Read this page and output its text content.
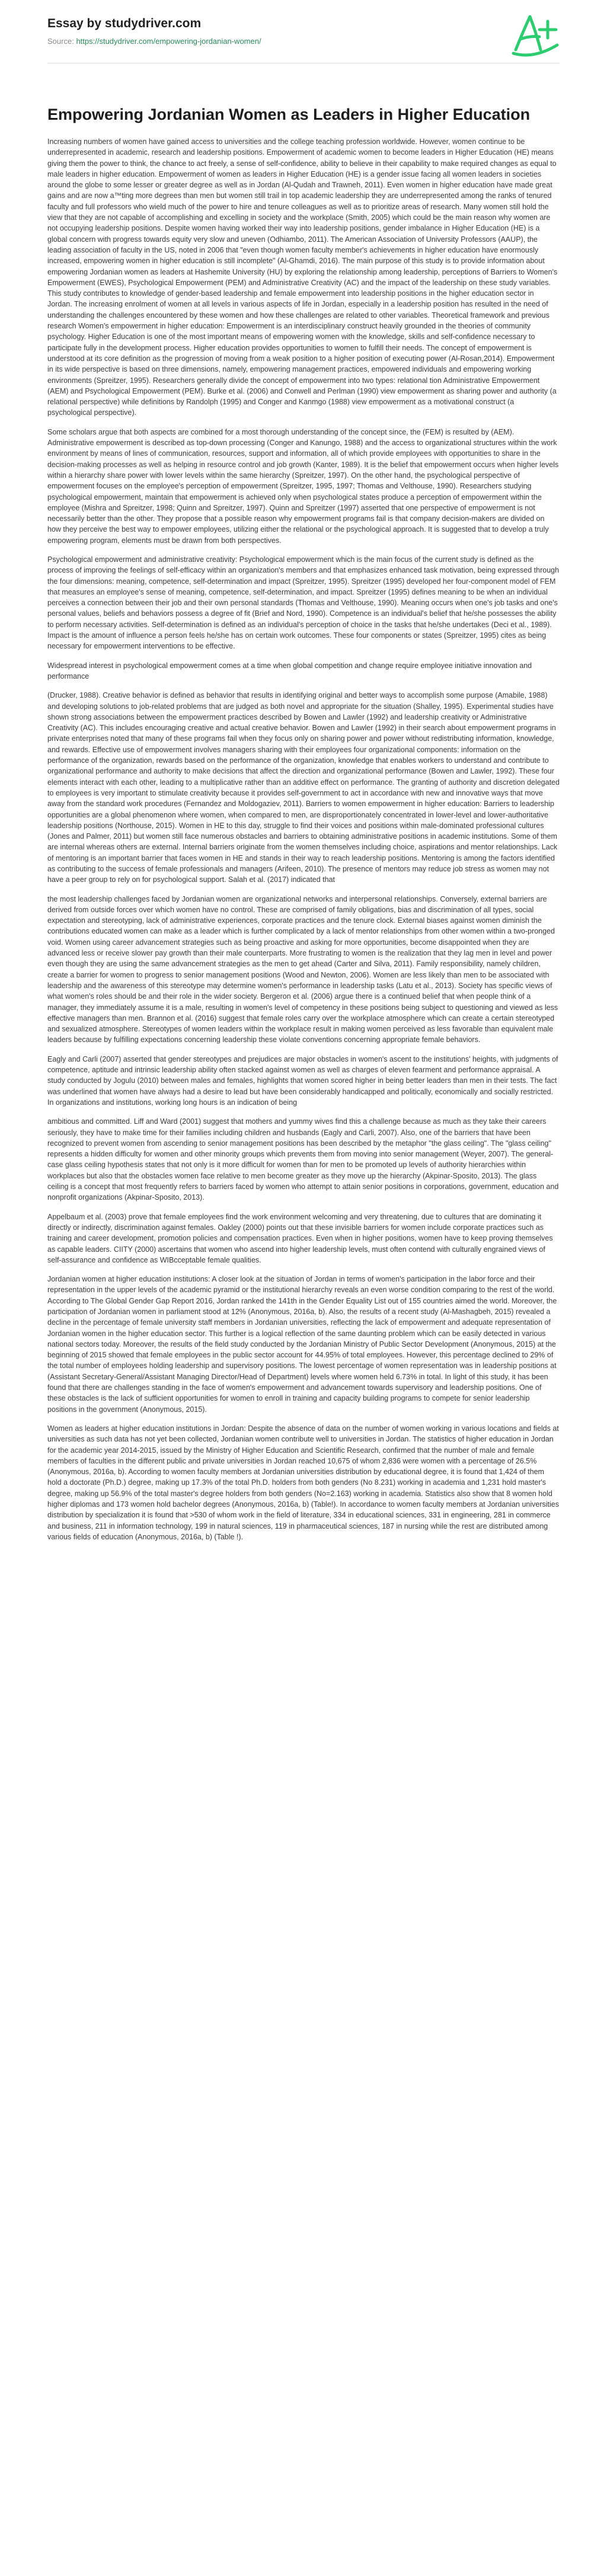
Essay by studydriver.com
Source: https://studydriver.com/empowering-jordanian-women/
Empowering Jordanian Women as Leaders in Higher Education

Increasing numbers of women have gained access to universities and the college teaching profession worldwide. However, women continue to be underrepresented in academic, research and leadership positions. Empowerment of academic women to become leaders in Higher Education (HE) means giving them the power to think, the chance to act freely, a sense of self-confidence, ability to believe in their capability to make required changes as equal to male leaders in higher education. Empowerment of women as leaders in Higher Education (HE) is a gender issue facing all women leaders in societies around the globe to some lesser or greater degree as well as in Jordan (Al-Qudah and Trawneh, 2011). Even women in higher education have made great gains and are now a™ting more degrees than men but women still trail in top academic leadership they are underrepresented among the ranks of tenured faculty and full professors who wield much of the power to hire and tenure colleagues as well as to prioritize areas of research. Many women still hold the view that they are not capable of accomplishing and excelling in society and the workplace (Smith, 2005) which could be the main reason why women are not occupying leadership positions. Despite women having worked their way into leadership positions, gender imbalance in Higher Education (HE) is a global concern with progress towards equity very slow and uneven (Odhiambo, 2011). The American Association of University Professors (AAUP), the leading association of faculty in the US, noted in 2006 that "even though women faculty member's achievements in higher education have enormously increased, empowering women in higher education is still incomplete" (Al-Ghamdi, 2016). The main purpose of this study is to provide information about empowering Jordanian women as leaders at Hashemite University (HU) by exploring the relationship among leadership, perceptions of Barriers to Women's Empowerment (EWES), Psychological Empowerment (PEM) and Administrative Creativity (AC) and the impact of the leadership on these study variables. This study contributes to knowledge of gender-based leadership and female empowerment into leadership positions in the higher education sector in Jordan. The increasing enrolment of women at all levels in various aspects of life in Jordan, especially in a leadership position has resulted in the need of understanding the challenges encountered by these women and how these challenges are related to other variables. Theoretical framework and previous research Women's empowerment in higher education: Empowerment is an interdisciplinary construct heavily grounded in the theories of community psychology. Higher Education is one of the most important means of empowering women with the knowledge, skills and self-confidence necessary to participate fully in the development process. Higher education provides opportunities to women to fulfill their needs. The concept of empowerment is understood at its core definition as the progression of moving from a weak position to a higher position of executing power (Al-Rosan,2014). Empowerment in its wide perspective is based on three dimensions, namely, empowering management practices, empowered individuals and empowering working environments (Spreitzer, 1995). Researchers generally divide the concept of empowerment into two types: relational tion Administrative Empowerment (AEM) and Psychological Empowerment (PEM). Burke et al. (2006) and Conwell and Perlman (1990) view empowerment as sharing power and authority (a relational perspective) while definitions by Randolph (1995) and Conger and Kanmgo (1988) view empowerment as a motivational construct (a psychological perspective).

Some scholars argue that both aspects are combined for a most thorough understanding of the concept since, the (FEM) is resulted by (AEM). Administrative empowerment is described as top-down processing (Conger and Kanungo, 1988) and the access to organizational structures within the work environment by means of lines of communication, resources, support and information, all of which provide employees with opportunities to share in the decision-making processes as well as helping in resource control and job growth (Kanter, 1989). It is the belief that empowerment occurs when higher levels within a hierarchy share power with lower levels within the same hierarchy (Spreitzer, 1997). On the other hand, the psychological perspective of empowerment focuses on the employee's perception of empowerment (Spreitzer, 1995, 1997; Thomas and Velthouse, 1990). Researchers studying psychological empowerment, maintain that empowerment is achieved only when psychological states produce a perception of empowerment within the employee (Mishra and Spreitzer, 1998; Quinn and Spreitzer, 1997). Quinn and Spreitzer (1997) asserted that one perspective of empowerment is not necessarily better than the other. They propose that a possible reason why empowerment programs fail is that company decision-makers are divided on how they perceive the best way to empower employees, utilizing either the relational or the psychological approach. It is suggested that to develop a truly empowering program, elements must be drawn from both perspectives.

Psychological empowerment and administrative creativity: Psychological empowerment which is the main focus of the current study is defined as the process of improving the feelings of self-efficacy within an organization's members and that emphasizes enhanced task motivation, being expressed through the four dimensions: meaning, competence, self-determination and impact (Spreitzer, 1995). Spreitzer (1995) developed her four-component model of FEM that measures an employee's sense of meaning, competence, self-determination, and impact. Spreitzer (1995) defines meaning to be when an individual perceives a connection between their job and their own personal standards (Thomas and Velthouse, 1990). Meaning occurs when one's job tasks and one's personal values, beliefs and behaviors possess a degree of fit (Brief and Nord, 1990). Competence is an individual's belief that he/she possesses the ability to perform necessary activities. Self-determination is defined as an individual's perception of choice in the tasks that he/she undertakes (Deci et al., 1989). Impact is the amount of influence a person feels he/she has on certain work outcomes. These four components or states (Spreitzer, 1995) cites as being necessary for empowerment interventions to be effective.

Widespread interest in psychological empowerment comes at a time when global competition and change require employee initiative innovation and performance

(Drucker, 1988). Creative behavior is defined as behavior that results in identifying original and better ways to accomplish some purpose (Amabile, 1988) and developing solutions to job-related problems that are judged as both novel and appropriate for the situation (Shalley, 1995). Experimental studies have shown strong associations between the empowerment practices described by Bowen and Lawler (1992) and leadership creativity or Administrative Creativity (AC). This includes encouraging creative and actual creative behavior. Bowen and Lawler (1992) in their search about empowerment programs in private enterprises noted that many of these programs fail when they focus only on sharing power and power without redistributing information, knowledge, and rewards. Effective use of empowerment involves managers sharing with their employees four organizational components: information on the performance of the organization, rewards based on the performance of the organization, knowledge that enables workers to understand and contribute to organizational performance and authority to make decisions that affect the direction and organizational performance (Bowen and Lawler, 1992). These four elements interact with each other, leading to a multiplicative rather than an additive effect on performance. The granting of authority and discretion delegated to employees is very important to stimulate creativity because it provides self-government to act in accordance with new and innovative ways that move away from the standard work procedures (Fernandez and Moldogaziev, 2011). Barriers to women empowerment in higher education: Barriers to leadership opportunities are a global phenomenon where women, when compared to men, are disproportionately concentrated in lower-level and lower-authoritative leadership positions (Northouse, 2015). Women in HE to this day, struggle to find their voices and positions within male-dominated professional cultures (Jones and Palmer, 2011) but women still face numerous obstacles and barriers to obtaining administrative positions in academic institutions. Some of them are internal whereas others are external. Internal barriers originate from the women themselves including choice, aspirations and mentor relationships. Lack of mentoring is an important barrier that faces women in HE and stands in their way to reach leadership positions. Mentoring is among the factors identified as contributing to the success of female professionals and managers (Arifeen, 2010). The presence of mentors may reduce job stress as women may not have a peer group to rely on for psychological support. Salah et al. (2017) indicated that

the most leadership challenges faced by Jordanian women are organizational networks and interpersonal relationships. Conversely, external barriers are derived from outside forces over which women have no control. These are comprised of family obligations, bias and discrimination of all types, social expectation and stereotyping, lack of administrative experiences, corporate practices and the tenure clock. External biases against women diminish the contributions educated women can make as a leader which is further complicated by a lack of mentor relationships from other women within a two-pronged void. Women using career advancement strategies such as being proactive and asking for more opportunities, become disappointed when they are advanced less or receive slower pay growth than their male counterparts. More frustrating to women is the realization that they lag men in level and power even though they are using the same advancement strategies as the men to get ahead (Carter and Silva, 2011). Family responsibility, namely children, create a barrier for women to progress to senior management positions (Wood and Newton, 2006). Women are less likely than men to be associated with leadership and the awareness of this stereotype may determine women's performance in leadership tasks (Latu et al., 2013). Society has specific views of what women's roles should be and their role in the wider society. Bergeron et al. (2006) argue there is a continued belief that when people think of a manager, they immediately assume it is a male, resulting in women's level of competency in these positions being subject to questioning and viewed as less effective managers than men. Brannon et al. (2016) suggest that female roles carry over the workplace atmosphere which can create a certain stereotyped and sexualized atmosphere. Stereotypes of women leaders within the workplace result in making women perceived as less favorable than equivalent male leaders because by fulfilling expectations concerning leadership these violate conventions concerning appropriate female behaviors.

Eagly and Carli (2007) asserted that gender stereotypes and prejudices are major obstacles in women's ascent to the institutions' heights, with judgments of competence, aptitude and intrinsic leadership ability often stacked against women as well as charges of eleven fearment and performance appraisal. A study conducted by Jogulu (2010) between males and females, highlights that women scored higher in being better leaders than men in their tests. The fact was underlined that women have always had a desire to lead but have been considerably handicapped and politically, economically and socially restricted. In organizations and institutions, working long hours is an indication of being

ambitious and committed. Liff and Ward (2001) suggest that mothers and yummy wives find this a challenge because as much as they take their careers seriously, they have to make time for their families including children and husbands (Eagly and Carli, 2007). Also, one of the barriers that have been recognized to prevent women from ascending to senior management positions has been described by the metaphor "the glass ceiling". The "glass ceiling" represents a hidden difficulty for women and other minority groups which prevents them from moving into senior management (Weyer, 2007). The general-case glass ceiling hypothesis states that not only is it more difficult for women than for men to be promoted up levels of authority hierarchies within workplaces but also that the obstacles women face relative to men become greater as they move up the hierarchy (Akpinar-Sposito, 2013). The glass ceiling is a concept that most frequently refers to barriers faced by women who attempt to attain senior positions in corporations, government, education and nonprofit organizations (Akpinar-Sposito, 2013).

Appelbaum et al. (2003) prove that female employees find the work environment welcoming and very threatening, due to cultures that are dominating it directly or indirectly, discrimination against females. Oakley (2000) points out that these invisible barriers for women include corporate practices such as training and career development, promotion policies and compensation practices. Even when in higher positions, women have to keep proving themselves as capable leaders. CIITY (2000) ascertains that women who ascend into higher leadership levels, must often contend with culturally engrained views of self-assurance and confidence as WIBcceptable female qualities.

Jordanian women at higher education institutions: A closer look at the situation of Jordan in terms of women's participation in the labor force and their representation in the upper levels of the academic pyramid or the institutional hierarchy reveals an even worse condition comparing to the rest of the world. According to The Global Gender Gap Report 2016, Jordan ranked the 141th in the Gender Equality List out of 155 countries aimed the world. Moreover, the participation of Jordanian women in parliament stood at 12% (Anonymous, 2016a, b). Also, the results of a recent study (Al-Mashagbeh, 2015) revealed a decline in the percentage of female university staff members in Jordanian universities, reflecting the lack of empowerment and adequate representation of Jordanian women in the higher education sector. This further is a logical reflection of the same daunting problem which can be easily detected in various national sectors today. Moreover, the results of the field study conducted by the Jordanian Ministry of Public Sector Development (Anonymous, 2015) at the beginning of 2015 showed that female employees in the public sector account for 44.95% of total employees. However, this percentage declined to 29% of the total number of employees holding leadership and supervisory positions. The lowest percentage of women representation was in leadership positions at (Assistant Secretary-General/Assistant Managing Director/Head of Department) levels where women held 6.73% in total. In light of this study, it has been found that there are challenges standing in the face of women's empowerment and advancement towards supervisory and leadership positions. One of these obstacles is the lack of sufficient opportunities for women to enroll in training and capacity building programs to compete for senior leadership positions in the government (Anonymous, 2015).

Women as leaders at higher education institutions in Jordan: Despite the absence of data on the number of women working in various locations and fields at universities as such data has not yet been collected, Jordanian women contribute well to universities in Jordan. The statistics of higher education in Jordan for the academic year 2014-2015, issued by the Ministry of Higher Education and Scientific Research, confirmed that the number of male and female members of faculties in the different public and private universities in Jordan reached 10,675 of whom 2,836 were women with a percentage of 26.5% (Anonymous, 2016a, b). According to women faculty members at Jordanian universities distribution by educational degree, it is found that 1,424 of them hold a doctorate (Ph.D.) degree, making up 17.3% of the total Ph.D. holders from both genders (No 8.231) working in academia and 1,231 hold master's degree, making up 56.9% of the total master's degree holders from both genders (No=2.163) working in academia. Statistics also show that 8 women hold higher diplomas and 173 women hold bachelor degrees (Anonymous, 2016a, b) (Table!). In accordance to women faculty members at Jordanian universities distribution by specialization it is found that >530 of whom work in the field of literature, 334 in educational sciences, 331 in engineering, 281 in commerce and business, 211 in information technology, 199 in natural sciences, 119 in pharmaceutical sciences, 187 in nursing while the rest are distributed among various fields of education (Anonymous, 2016a, b) (Table !).
